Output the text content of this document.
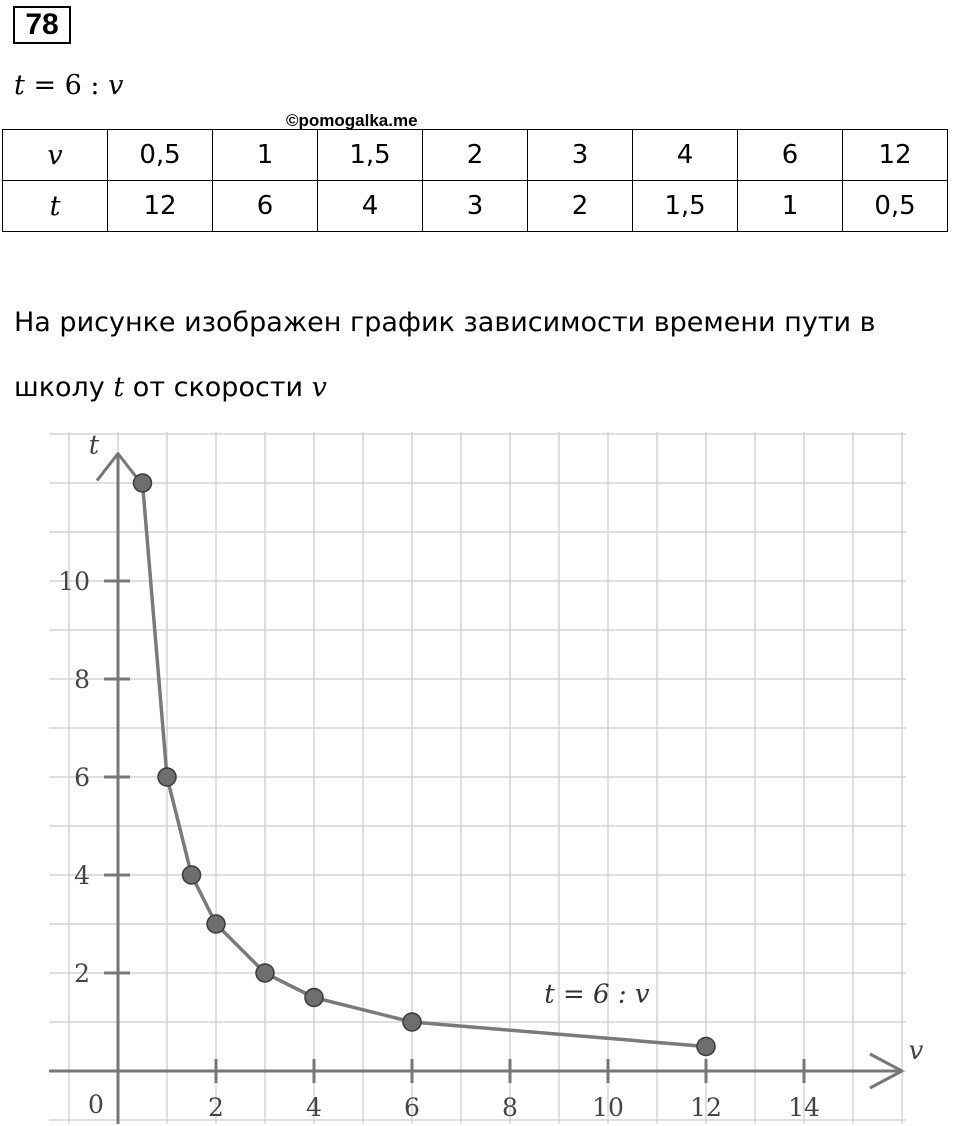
78
t = 6 : v
©pomogalka.me
v	0,5	1	1,5	2	3	4	6	12
t	12	6	4	3	2	1,5	1	0,5
На рисунке изображен график зависимости времени пути в
школу t от скорости v
2	4	6	8	10	12	14
2
4
6
8
10
0
t
v
t = 6 : v
